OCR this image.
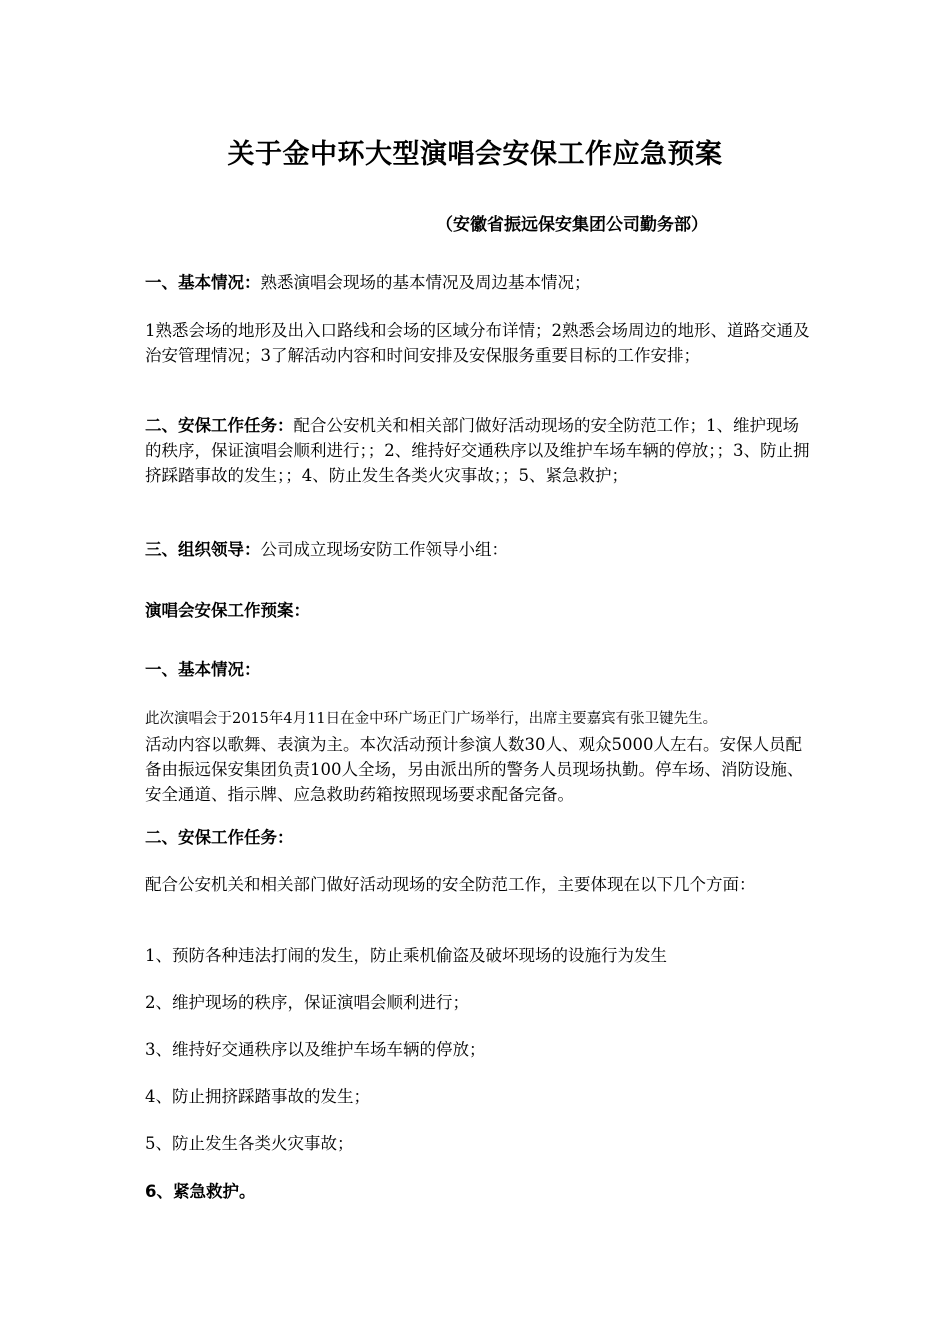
关于金中环大型演唱会安保工作应急预案
（安徽省振远保安集团公司勤务部）
一、基本情况：熟悉演唱会现场的基本情况及周边基本情况；
1熟悉会场的地形及出入口路线和会场的区域分布详情；2熟悉会场周边的地形、道路交通及治安管理情况；3了解活动内容和时间安排及安保服务重要目标的工作安排；
二、安保工作任务：配合公安机关和相关部门做好活动现场的安全防范工作；1、维护现场的秩序，保证演唱会顺利进行；；2、维持好交通秩序以及维护车场车辆的停放；；3、防止拥挤踩踏事故的发生；；4、防止发生各类火灾事故；；5、紧急救护；
三、组织领导：公司成立现场安防工作领导小组：
演唱会安保工作预案：
一、基本情况：
此次演唱会于2015年4月11日在金中环广场正门广场举行，出席主要嘉宾有张卫键先生。
活动内容以歌舞、表演为主。本次活动预计参演人数30人、观众5000人左右。安保人员配备由振远保安集团负责100人全场，另由派出所的警务人员现场执勤。停车场、消防设施、安全通道、指示牌、应急救助药箱按照现场要求配备完备。
二、安保工作任务：
配合公安机关和相关部门做好活动现场的安全防范工作，主要体现在以下几个方面：
1、预防各种违法打闹的发生，防止乘机偷盗及破坏现场的设施行为发生
2、维护现场的秩序，保证演唱会顺利进行；
3、维持好交通秩序以及维护车场车辆的停放；
4、防止拥挤踩踏事故的发生；
5、防止发生各类火灾事故；
6、紧急救护。
